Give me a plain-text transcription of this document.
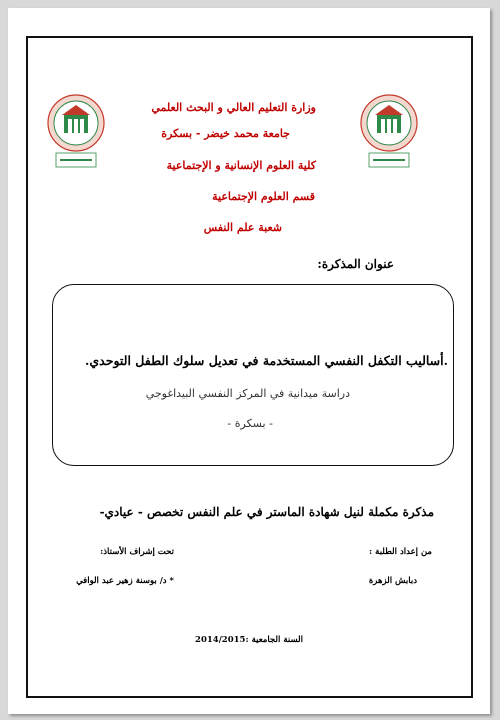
وزارة التعليم العالي و البحث العلمي
جامعة محمد خيضر - بسكرة
كلية العلوم الإنسانية و الإجتماعية
قسم العلوم الإجتماعية
شعبة علم النفس
عنوان المذكرة:
.أساليب التكفل النفسي المستخدمة في تعديل سلوك الطفل التوحدي.
دراسة ميدانية في المركز النفسي البيداغوجي
- بسكرة -
مذكرة مكملة لنيل شهادة الماستر في علم النفس تخصص - عيادي-
من إعداد الطلبة :
تحت إشراف الأستاذ:
دبابش الزهرة
* د/ بوسنة زهير عبد الوافي
السنة الجامعية :2014/2015
